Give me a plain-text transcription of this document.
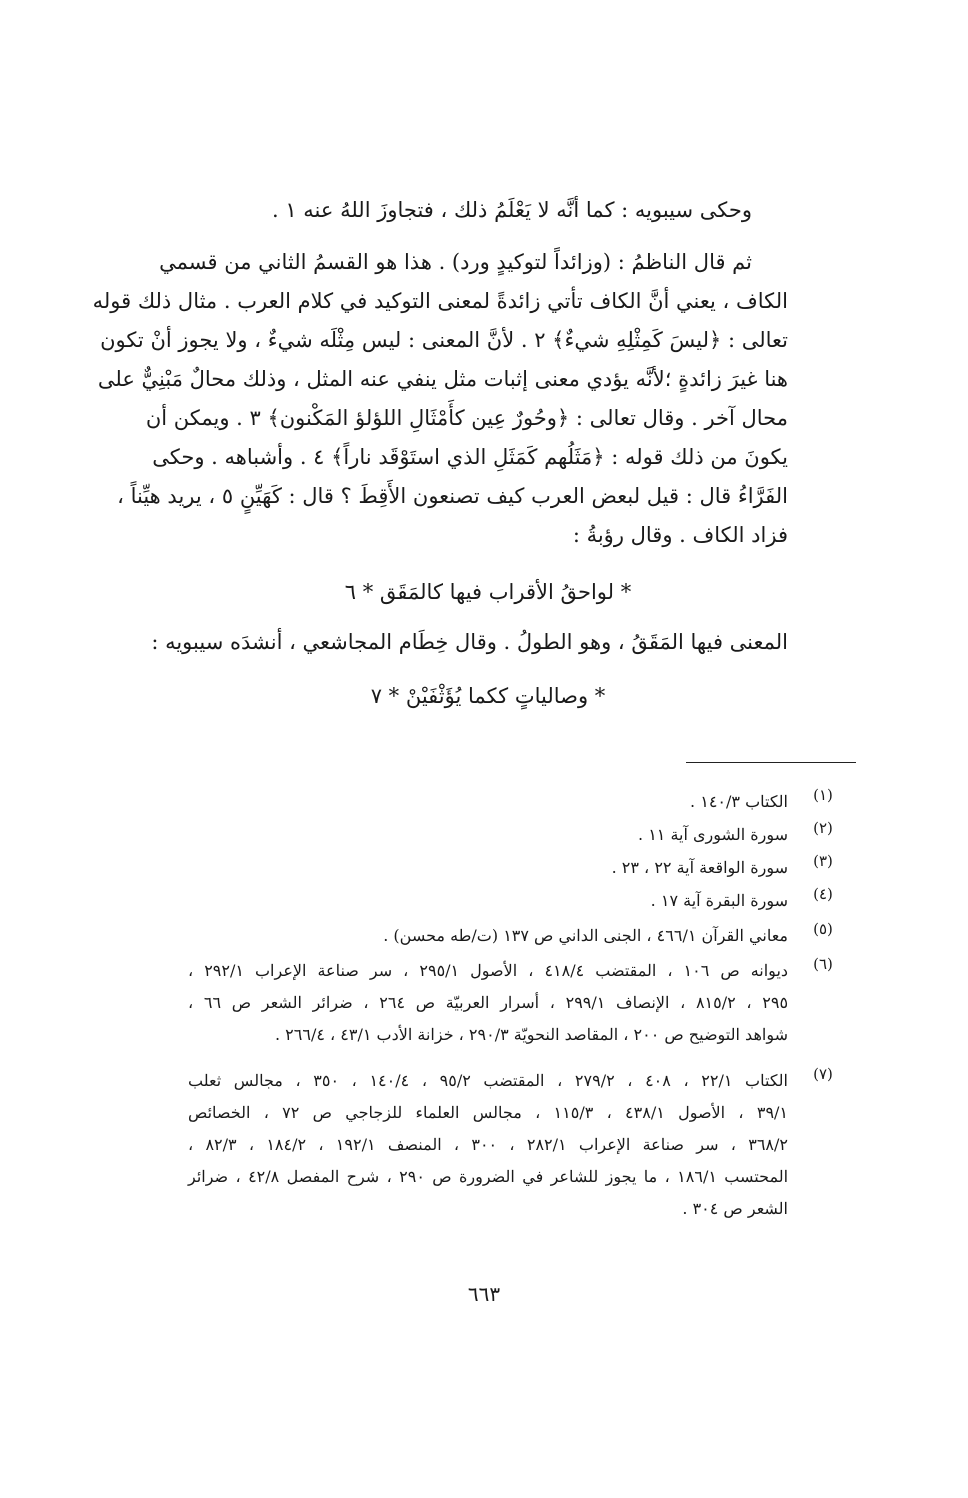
وحكى سيبويه : كما أنَّه لا يَعْلَمُ ذلك ، فتجاوزَ اللهُ عنه ١ .
ثم قال الناظمُ : (وزائداً لتوكيدٍ ورد) . هذا هو القسمُ الثاني من قسمي
الكاف ، يعني أنَّ الكاف تأتي زائدةً لمعنى التوكيد في كلام العرب . مثال ذلك قوله
تعالى : ﴿ليسَ كَمِثْلِهِ شيءٌ﴾ ٢ . لأنَّ المعنى : ليس مِثْلَه شيءٌ ، ولا يجوز أنْ تكون
هنا غيرَ زائدةٍ ؛لأنَّه يؤدي معنى إثبات مثل ينفي عنه المثل ، وذلك محالٌ مَبْنِيٌّ على
محال آخر . وقال تعالى : ﴿وحُورٌ عِين كأَمْثَالِ اللؤلؤ المَكْنون﴾ ٣ . ويمكن أن
يكونَ من ذلك قوله : ﴿مَثَلُهم كَمَثَلِ الذي استَوْقَد ناراً﴾ ٤ . وأشباهه . وحكى
الفَرَّاءُ قال : قيل لبعض العرب كيف تصنعون الأَقِطَ ؟ قال : كَهَيِّنٍ ٥ ، يريد هيِّناً ،
فزاد الكاف . وقال رؤبةُ :
* لواحقُ الأقراب فيها كالمَقَق * ٦
المعنى فيها المَقَقُ ، وهو الطولُ . وقال خِطَام المجاشعي ، أنشدَه سيبويه :
* وصالياتٍ ككما يُؤَثْفَيْنْ * ٧
(١)
الكتاب ١٤٠/٣ .
(٢)
سورة الشورى آية ١١ .
(٣)
سورة الواقعة آية ٢٢ ، ٢٣ .
(٤)
سورة البقرة آية ١٧ .
(٥)
معاني القرآن ٤٦٦/١ ، الجنى الداني ص ١٣٧ (ت/طه محسن) .
(٦)
ديوانه ص ١٠٦ ، المقتضب ٤١٨/٤ ، الأصول ٢٩٥/١ ، سر صناعة الإعراب ٢٩٢/١ ،
٢٩٥ ، ٨١٥/٢ ، الإنصاف ٢٩٩/١ ، أسرار العربيّة ص ٢٦٤ ، ضرائر الشعر ص ٦٦ ،
شواهد التوضيح ص ٢٠٠ ، المقاصد النحويّة ٢٩٠/٣ ، خزانة الأدب ٤٣/١ ، ٢٦٦/٤ .
(٧)
الكتاب ٢٢/١ ، ٤٠٨ ، ٢٧٩/٢ ، المقتضب ٩٥/٢ ، ١٤٠/٤ ، ٣٥٠ ، مجالس ثعلب
٣٩/١ ، الأصول ٤٣٨/١ ، ١١٥/٣ ، مجالس العلماء للزجاجي ص ٧٢ ، الخصائص
٣٦٨/٢ ، سر صناعة الإعراب ٢٨٢/١ ، ٣٠٠ ، المنصف ١٩٢/١ ، ١٨٤/٢ ، ٨٢/٣ ،
المحتسب ١٨٦/١ ، ما يجوز للشاعر في الضرورة ص ٢٩٠ ، شرح المفصل ٤٢/٨ ، ضرائر
الشعر ص ٣٠٤ .
٦٦٣
